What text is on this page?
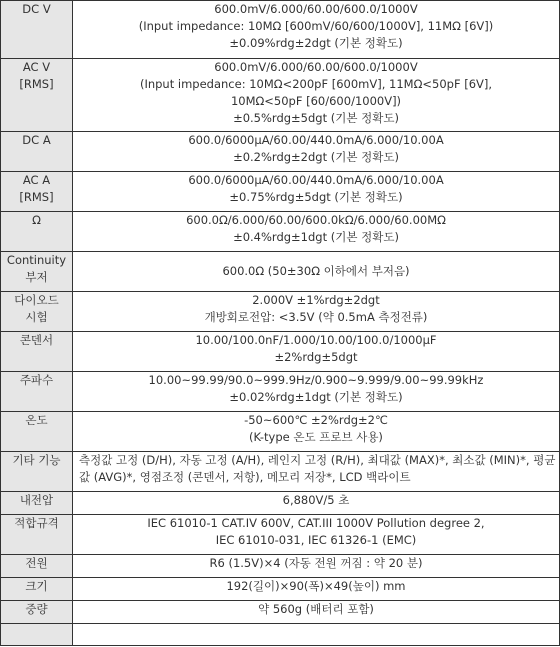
DC V	600.0mV/6.000/60.00/600.0/1000V
(Input impedance: 10MΩ [600mV/60/600/1000V], 11MΩ [6V])
±0.09%rdg±2dgt (기본 정확도)

AC V
[RMS]	600.0mV/6.000/60.00/600.0/1000V
(Input impedance: 10MΩ<200pF [600mV], 11MΩ<50pF [6V],
10MΩ<50pF [60/600/1000V])
±0.5%rdg±5dgt (기본 정확도)

DC A	600.0/6000μA/60.00/440.0mA/6.000/10.00A
±0.2%rdg±2dgt (기본 정확도)

AC A
[RMS]	600.0/6000μA/60.00/440.0mA/6.000/10.00A
±0.75%rdg±5dgt (기본 정확도)

Ω	600.0Ω/6.000/60.00/600.0kΩ/6.000/60.00MΩ
±0.4%rdg±1dgt (기본 정확도)

Continuity
부저	600.0Ω (50±30Ω 이하에서 부저음)

다이오드
시험	2.000V ±1%rdg±2dgt
개방회로전압: <3.5V (약 0.5mA 측정전류)

콘덴서	10.00/100.0nF/1.000/10.00/100.0/1000μF
±2%rdg±5dgt

주파수	10.00~99.99/90.0~999.9Hz/0.900~9.999/9.00~99.99kHz
±0.02%rdg±1dgt (기본 정확도)

온도	-50~600℃ ±2%rdg±2℃
(K-type 온도 프로브 사용)

기타 기능	측정값 고정 (D/H), 자동 고정 (A/H), 레인지 고정 (R/H), 최대값 (MAX)*, 최소값 (MIN)*, 평균값 (AVG)*, 영점조정 (콘덴서, 저항), 메모리 저장*, LCD 백라이트

내전압	6,880V/5 초

적합규격	IEC 61010-1 CAT.IV 600V, CAT.III 1000V Pollution degree 2,
IEC 61010-031, IEC 61326-1 (EMC)

전원	R6 (1.5V)×4 (자동 전원 꺼짐 : 약 20 분)

크기	192(길이)×90(폭)×49(높이) mm

중량	약 560g (배터리 포함)
